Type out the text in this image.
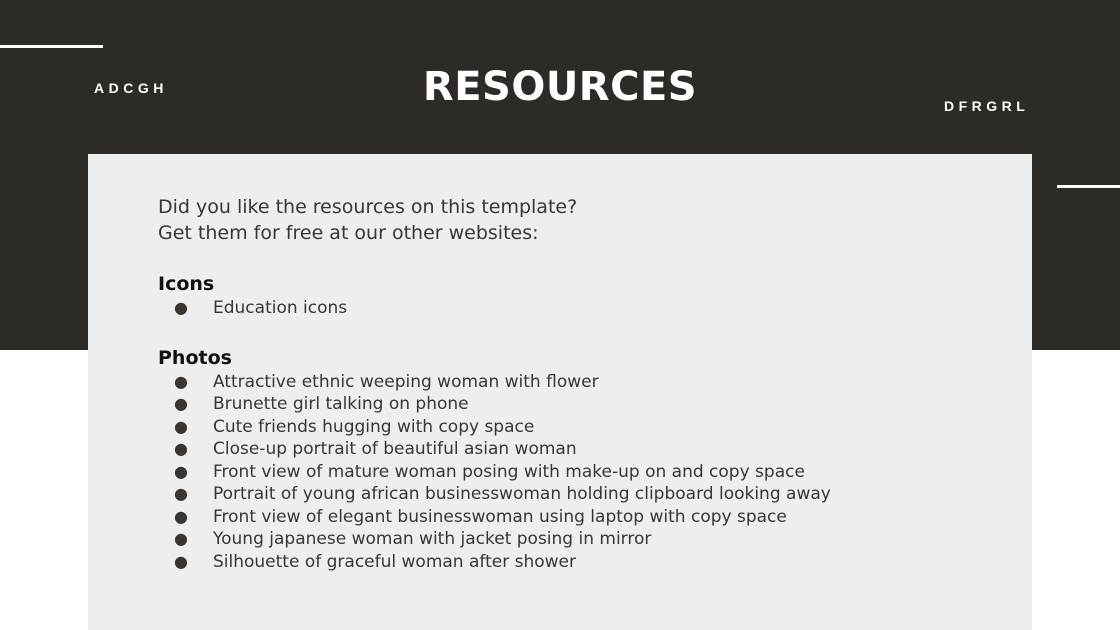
ADCGH	RESOURCES	DFRGRL
Did you like the resources on this template?
Get them for free at our other websites:
Icons
● Education icons
Photos
● Attractive ethnic weeping woman with flower
● Brunette girl talking on phone
● Cute friends hugging with copy space
● Close-up portrait of beautiful asian woman
● Front view of mature woman posing with make-up on and copy space
● Portrait of young african businesswoman holding clipboard looking away
● Front view of elegant businesswoman using laptop with copy space
● Young japanese woman with jacket posing in mirror
● Silhouette of graceful woman after shower
